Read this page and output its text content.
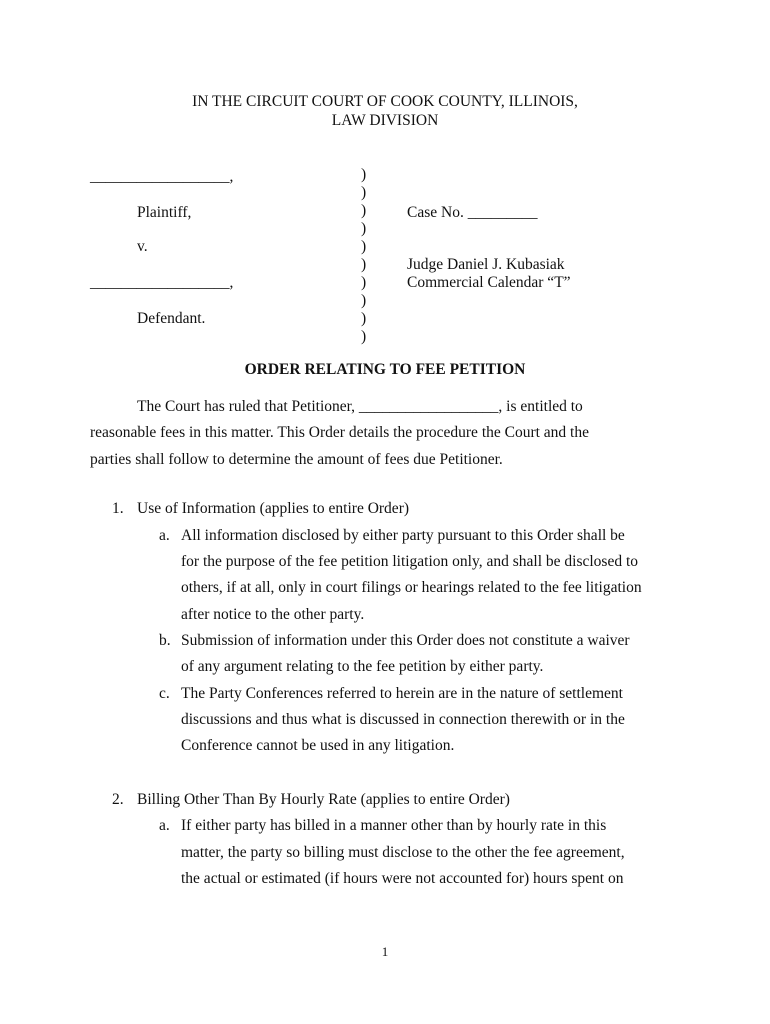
IN THE CIRCUIT COURT OF COOK COUNTY, ILLINOIS,
LAW DIVISION
__________________,
Plaintiff,
v.
__________________,
Defendant.
)
)
)
)
)
)
)
)
)
)
Case No. _________
Judge Daniel J. Kubasiak
Commercial Calendar “T”
ORDER RELATING TO FEE PETITION
The Court has ruled that Petitioner, __________________, is entitled to
reasonable fees in this matter. This Order details the procedure the Court and the
parties shall follow to determine the amount of fees due Petitioner.
1. Use of Information (applies to entire Order)
a. All information disclosed by either party pursuant to this Order shall be
for the purpose of the fee petition litigation only, and shall be disclosed to
others, if at all, only in court filings or hearings related to the fee litigation
after notice to the other party.
b. Submission of information under this Order does not constitute a waiver
of any argument relating to the fee petition by either party.
c. The Party Conferences referred to herein are in the nature of settlement
discussions and thus what is discussed in connection therewith or in the
Conference cannot be used in any litigation.
2. Billing Other Than By Hourly Rate (applies to entire Order)
a. If either party has billed in a manner other than by hourly rate in this
matter, the party so billing must disclose to the other the fee agreement,
the actual or estimated (if hours were not accounted for) hours spent on
1
